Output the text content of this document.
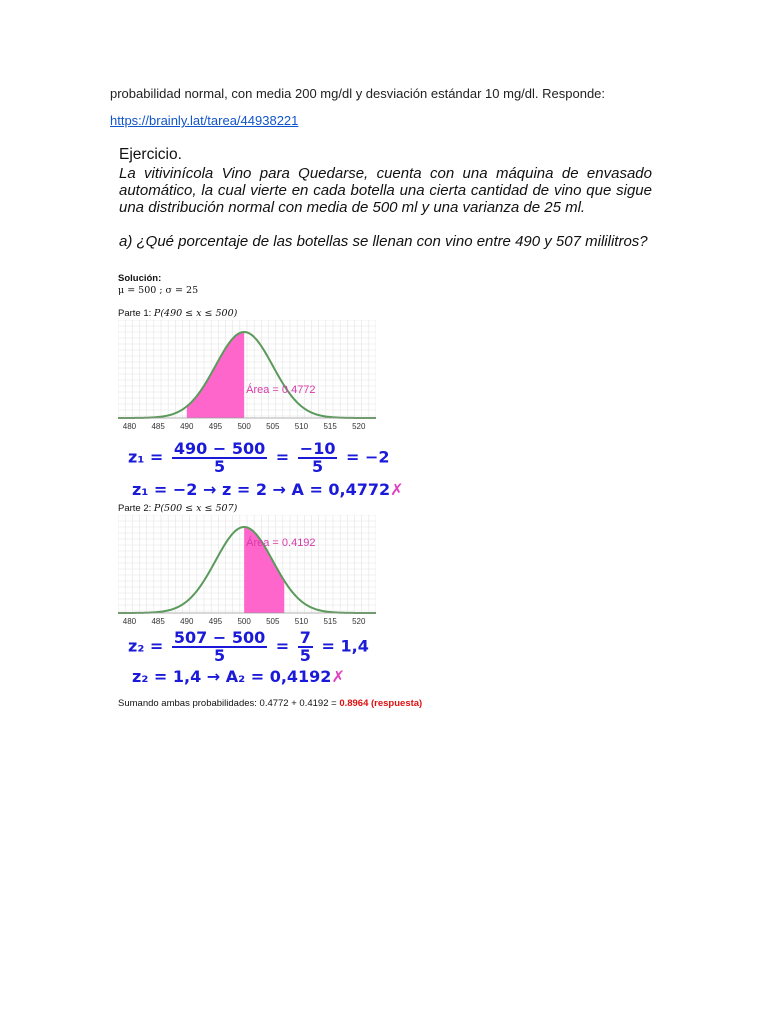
probabilidad normal, con media 200 mg/dl y desviación estándar 10 mg/dl. Responde:
https://brainly.lat/tarea/44938221
Ejercicio.
La vitivinícola Vino para Quedarse, cuenta con una máquina de envasado automático, la cual vierte en cada botella una cierta cantidad de vino que sigue una distribución normal con media de 500 ml y una varianza de 25 ml.
a) ¿Qué porcentaje de las botellas se llenan con vino entre 490 y 507 mililitros?
Solución:
μ = 500 ; σ = 25
Parte 1: P(490 ≤ x ≤ 500)
480 485 490 495 500 505 510 515 520
Área = 0.4772
$z_1 = \frac{490 - 500}{5} = \frac{-10}{5} = -2$
z₁ = −2 → z = 2 → A = 0,4772✗
Parte 2: P(500 ≤ x ≤ 507)
480 485 490 495 500 505 510 515 520
Área = 0.4192
$z_2 = \frac{507 - 500}{5} = \frac{7}{5} = 1,4$
z₂ = 1,4 → A₂ = 0,4192✗
Sumando ambas probabilidades: 0.4772 + 0.4192 = 0.8964 (respuesta)
